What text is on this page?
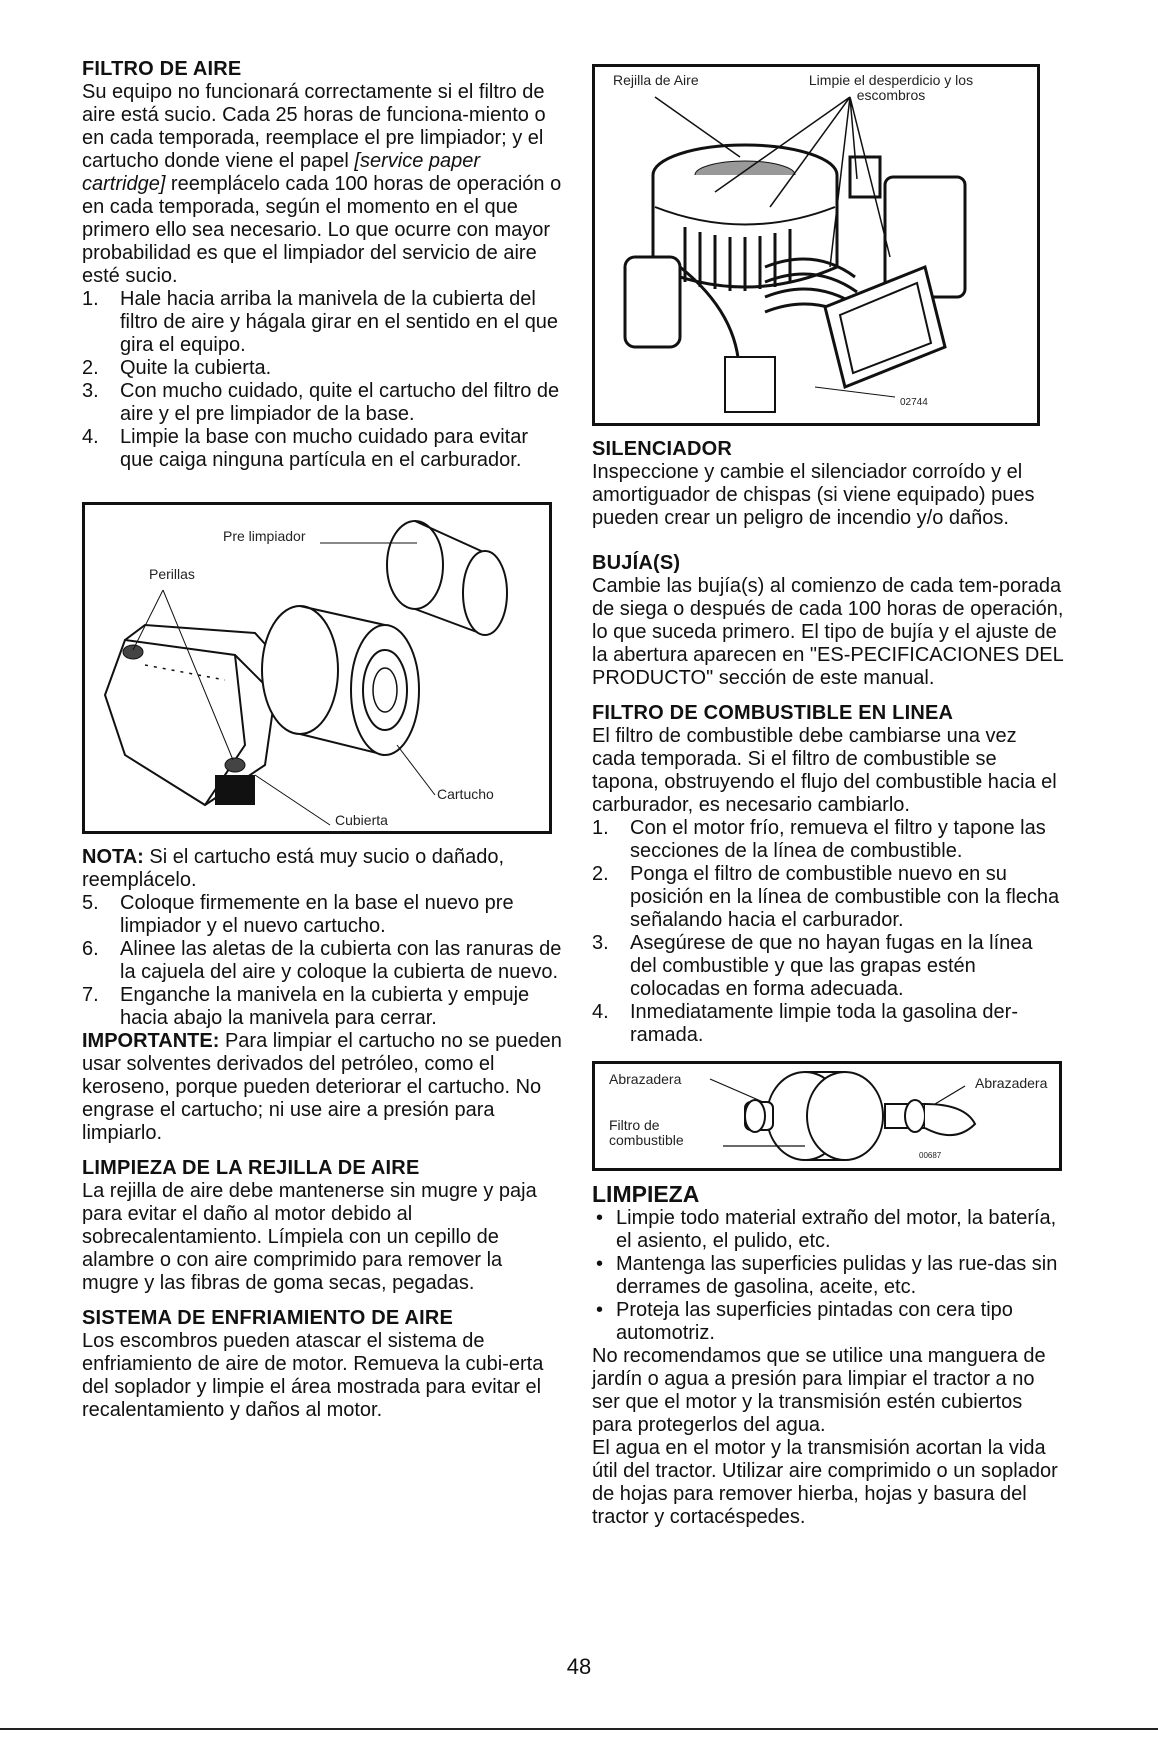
FILTRO DE AIRE

Su equipo no funcionará correctamente si el filtro de aire está sucio. Cada 25 horas de funciona-miento o en cada temporada, reemplace el pre limpiador; y el cartucho donde viene el papel [service paper cartridge] reemplácelo cada 100 horas de operación o en cada temporada, según el momento en el que primero ello sea necesario. Lo que ocurre con mayor probabilidad es que el limpiador del servicio de aire esté sucio.

1. Hale hacia arriba la manivela de la cubierta del filtro de aire y hágala girar en el sentido en el que gira el equipo.
2. Quite la cubierta.
3. Con mucho cuidado, quite el cartucho del filtro de aire y el pre limpiador de la base.
4. Limpie la base con mucho cuidado para evitar que caiga ninguna partícula en el carburador.
Pre limpiador
Perillas
Cartucho
Cubierta

NOTA: Si el cartucho está muy sucio o dañado, reemplácelo.

5. Coloque firmemente en la base el nuevo pre limpiador y el nuevo cartucho.
6. Alinee las aletas de la cubierta con las ranuras de la cajuela del aire y coloque la cubierta de nuevo.
7. Enganche la manivela en la cubierta y empuje hacia abajo la manivela para cerrar.

IMPORTANTE: Para limpiar el cartucho no se pueden usar solventes derivados del petróleo, como el keroseno, porque pueden deteriorar el cartucho. No engrase el cartucho; ni use aire a presión para limpiarlo.

LIMPIEZA DE LA REJILLA DE AIRE

La rejilla de aire debe mantenerse sin mugre y paja para evitar el daño al motor debido al sobrecalentamiento. Límpiela con un cepillo de alambre o con aire comprimido para remover la mugre y las fibras de goma secas, pegadas.

SISTEMA DE ENFRIAMIENTO DE AIRE

Los escombros pueden atascar el sistema de enfriamiento de aire de motor. Remueva la cubi-erta del soplador y limpie el área mostrada para evitar el recalentamiento y daños al motor.

Rejilla de Aire	Limpie el desperdicio y los escombros
02744
SILENCIADOR

Inspeccione y cambie el silenciador corroído y el amortiguador de chispas (si viene equipado) pues pueden crear un peligro de incendio y/o daños.

BUJÍA(S)

Cambie las bujía(s) al comienzo de cada tem-porada de siega o después de cada 100 horas de operación, lo que suceda primero. El tipo de bujía y el ajuste de la abertura aparecen en "ES-PECIFICACIONES DEL PRODUCTO" sección de este manual.

FILTRO DE COMBUSTIBLE EN LINEA

El filtro de combustible debe cambiarse una vez cada temporada. Si el filtro de combustible se tapona, obstruyendo el flujo del combustible hacia el carburador, es necesario cambiarlo.

1. Con el motor frío, remueva el filtro y tapone las secciones de la línea de combustible.
2. Ponga el filtro de combustible nuevo en su posición en la línea de combustible con la flecha señalando hacia el carburador.
3. Asegúrese de que no hayan fugas en la línea del combustible y que las grapas estén colocadas en forma adecuada.
4. Inmediatamente limpie toda la gasolina der-ramada.
Abrazadera	Abrazadera
Filtro de combustible
00687
LIMPIEZA
• Limpie todo material extraño del motor, la batería, el asiento, el pulido, etc.
• Mantenga las superficies pulidas y las rue-das sin derrames de gasolina, aceite, etc.
• Proteja las superficies pintadas con cera tipo automotriz.

No recomendamos que se utilice una manguera de jardín o agua a presión para limpiar el tractor a no ser que el motor y la transmisión estén cubiertos para protegerlos del agua.

El agua en el motor y la transmisión acortan la vida útil del tractor. Utilizar aire comprimido o un soplador de hojas para remover hierba, hojas y basura del tractor y cortacéspedes.

48
